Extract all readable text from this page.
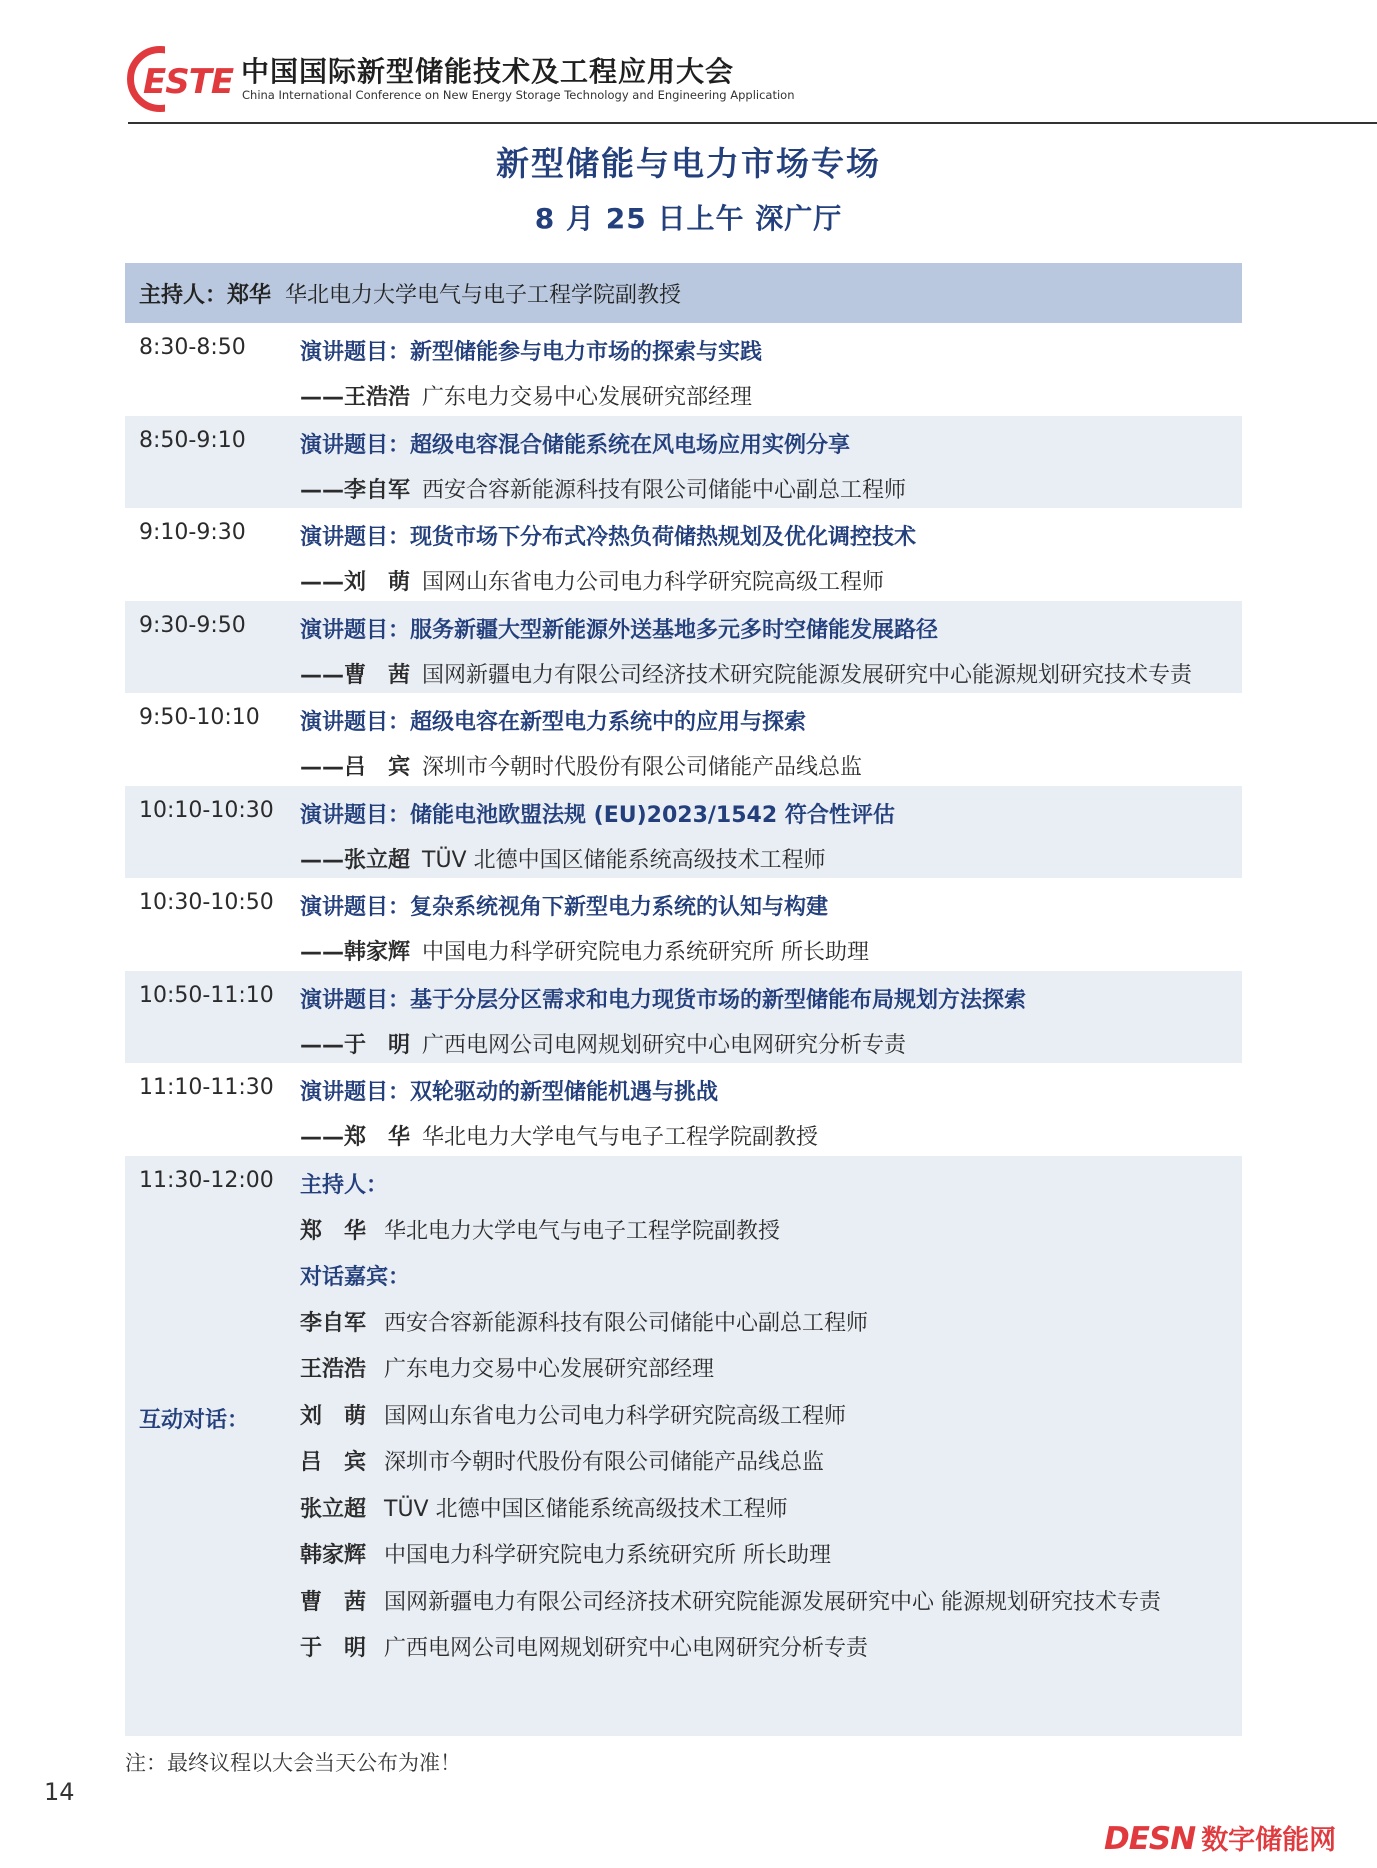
ESTE 中国国际新型储能技术及工程应用大会
China International Conference on New Energy Storage Technology and Engineering Application
新型储能与电力市场专场
8 月 25 日上午 深广厅
主持人： 郑华 华北电力大学电气与电子工程学院副教授
8:30-8:50 演讲题目：新型储能参与电力市场的探索与实践
——王浩浩 广东电力交易中心发展研究部经理
8:50-9:10 演讲题目：超级电容混合储能系统在风电场应用实例分享
——李自军 西安合容新能源科技有限公司储能中心副总工程师
9:10-9:30 演讲题目：现货市场下分布式冷热负荷储热规划及优化调控技术
——刘　萌 国网山东省电力公司电力科学研究院高级工程师
9:30-9:50 演讲题目：服务新疆大型新能源外送基地多元多时空储能发展路径
——曹　茜 国网新疆电力有限公司经济技术研究院能源发展研究中心能源规划研究技术专责
9:50-10:10 演讲题目：超级电容在新型电力系统中的应用与探索
——吕　宾 深圳市今朝时代股份有限公司储能产品线总监
10:10-10:30 演讲题目：储能电池欧盟法规 (EU)2023/1542 符合性评估
——张立超 TÜV 北德中国区储能系统高级技术工程师
10:30-10:50 演讲题目：复杂系统视角下新型电力系统的认知与构建
——韩家辉 中国电力科学研究院电力系统研究所 所长助理
10:50-11:10 演讲题目：基于分层分区需求和电力现货市场的新型储能布局规划方法探索
——于　明 广西电网公司电网规划研究中心电网研究分析专责
11:10-11:30 演讲题目：双轮驱动的新型储能机遇与挑战
——郑　华 华北电力大学电气与电子工程学院副教授
11:30-12:00
互动对话：
主持人：
郑　华 华北电力大学电气与电子工程学院副教授
对话嘉宾：
李自军 西安合容新能源科技有限公司储能中心副总工程师
王浩浩 广东电力交易中心发展研究部经理
刘　萌 国网山东省电力公司电力科学研究院高级工程师
吕　宾 深圳市今朝时代股份有限公司储能产品线总监
张立超 TÜV 北德中国区储能系统高级技术工程师
韩家辉 中国电力科学研究院电力系统研究所 所长助理
曹　茜 国网新疆电力有限公司经济技术研究院能源发展研究中心 能源规划研究技术专责
于　明 广西电网公司电网规划研究中心电网研究分析专责
注：最终议程以大会当天公布为准！
14
DESN 数字储能网
